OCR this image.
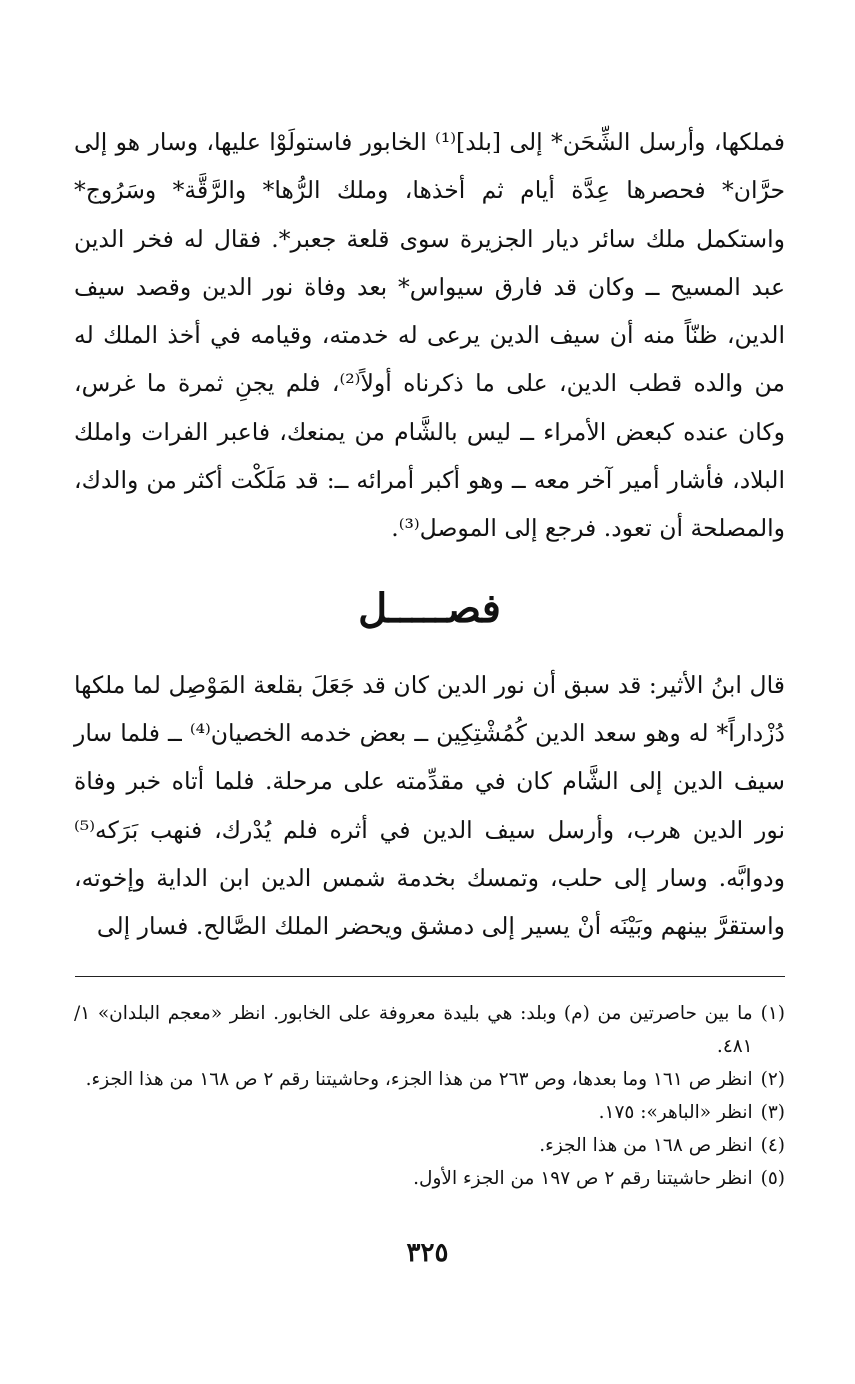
فملكها، وأرسل الشِّحَن* إلى [بلد]⁽¹⁾ الخابور فاستولَوْا عليها، وسار هو إلى حرَّان* فحصرها عِدَّة أيام ثم أخذها، وملك الرُّها* والرَّقَّة* وسَرُوج* واستكمل ملك سائر ديار الجزيرة سوى قلعة جعبر*. فقال له فخر الدين عبد المسيح ــ وكان قد فارق سيواس* بعد وفاة نور الدين وقصد سيف الدين، ظنّاً منه أن سيف الدين يرعى له خدمته، وقيامه في أخذ الملك له من والده قطب الدين، على ما ذكرناه أولاً⁽²⁾، فلم يجنِ ثمرة ما غرس، وكان عنده كبعض الأمراء ــ ليس بالشَّام من يمنعك، فاعبر الفرات واملك البلاد، فأشار أمير آخر معه ــ وهو أكبر أمرائه ــ: قد مَلَكْت أكثر من والدك، والمصلحة أن تعود. فرجع إلى الموصل⁽³⁾.

فصـــــل

قال ابنُ الأثير: قد سبق أن نور الدين كان قد جَعَلَ بقلعة المَوْصِل لما ملكها دُزْداراً* له وهو سعد الدين كُمُشْتِكِين ــ بعض خدمه الخصيان⁽⁴⁾ ــ فلما سار سيف الدين إلى الشَّام كان في مقدِّمته على مرحلة. فلما أتاه خبر وفاة نور الدين هرب، وأرسل سيف الدين في أثره فلم يُدْرك، فنهب بَرَكه⁽⁵⁾ ودوابَّه. وسار إلى حلب، وتمسك بخدمة شمس الدين ابن الداية وإخوته، واستقرَّ بينهم وبَيْنَه أنْ يسير إلى دمشق ويحضر الملك الصَّالح. فسار إلى

(١)
ما بين حاصرتين من (م) وبلد: هي بليدة معروفة على الخابور. انظر «معجم البلدان» ١/ ٤٨١.
(٢)
انظر ص ١٦١ وما بعدها، وص ٢٦٣ من هذا الجزء، وحاشيتنا رقم ٢ ص ١٦٨ من هذا الجزء.
(٣)
انظر «الباهر»: ١٧٥.
(٤)
انظر ص ١٦٨ من هذا الجزء.
(٥)
انظر حاشيتنا رقم ٢ ص ١٩٧ من الجزء الأول.
٣٢٥
